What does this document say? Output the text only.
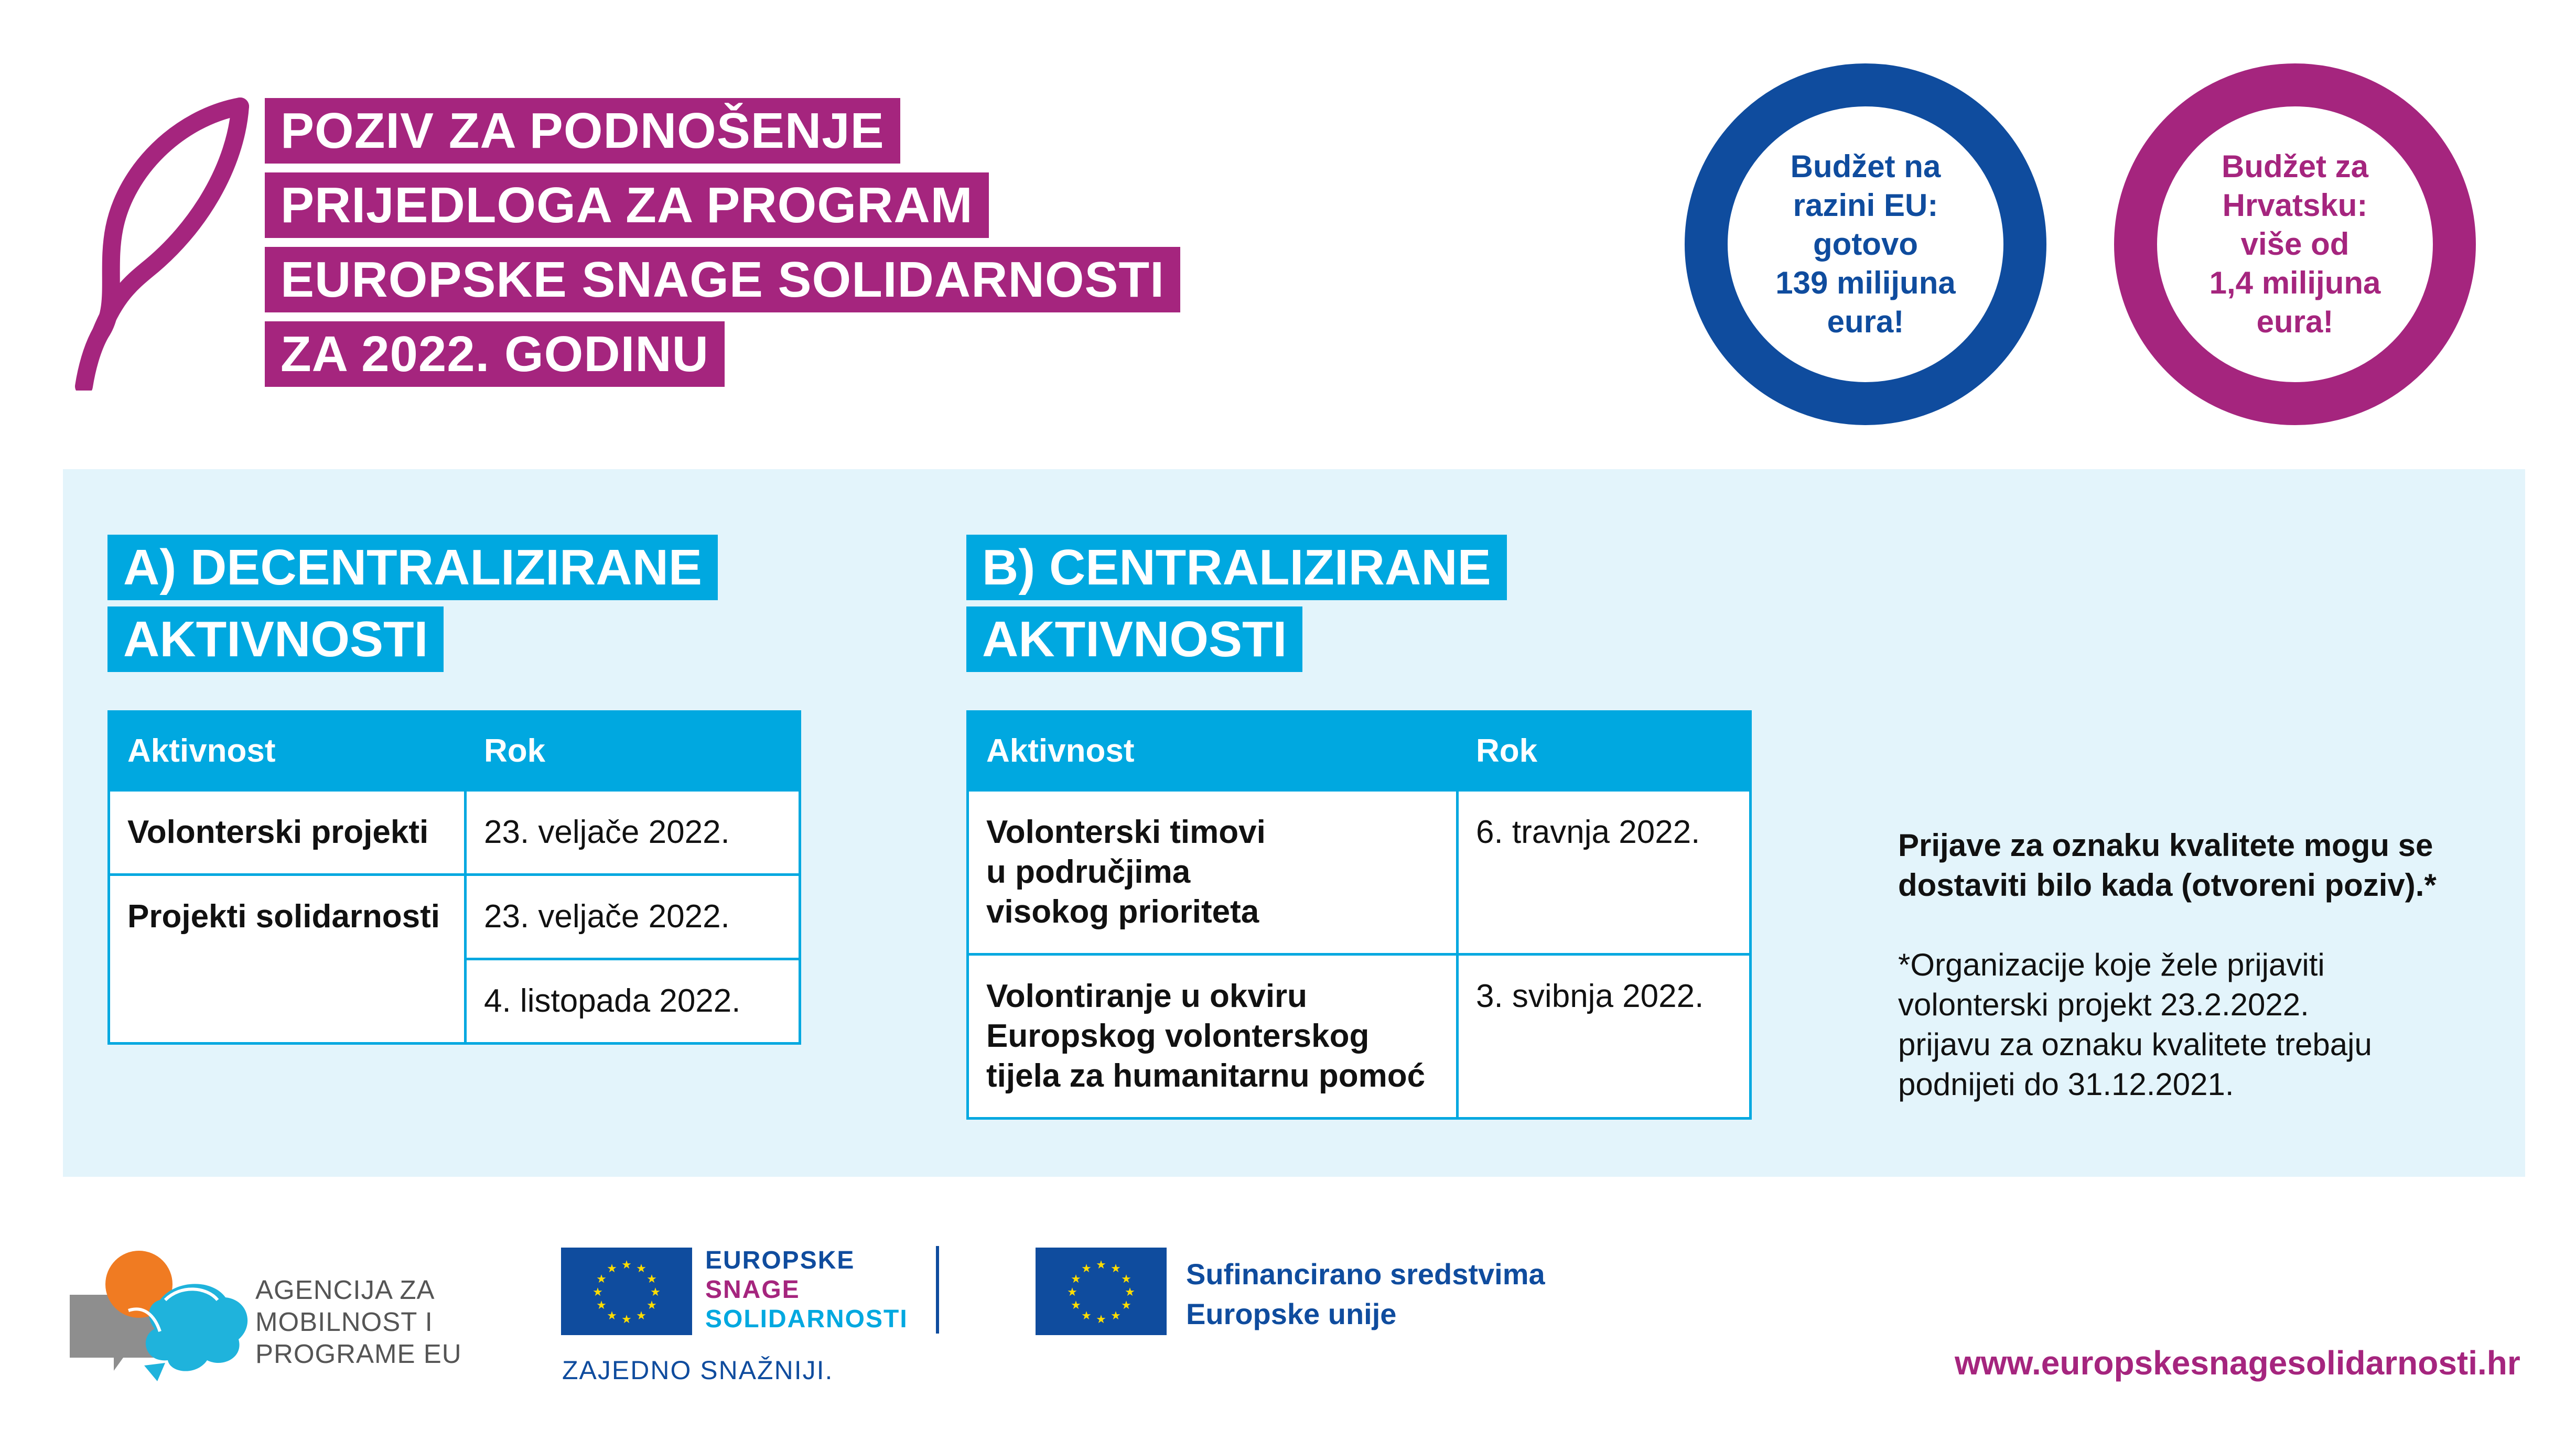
POZIV ZA PODNOŠENJE
PRIJEDLOGA ZA PROGRAM
EUROPSKE SNAGE SOLIDARNOSTI
ZA 2022. GODINU
Budžet na
razini EU:
gotovo
139 milijuna
eura!
Budžet za
Hrvatsku:
više od
1,4 milijuna
eura!
A) DECENTRALIZIRANE
AKTIVNOSTI
Aktivnost	Rok
Volonterski projekti	23. veljače 2022.
Projekti solidarnosti	23. veljače 2022.
	4. listopada 2022.
B) CENTRALIZIRANE
AKTIVNOSTI
Aktivnost	Rok
Volonterski timovi
u područjima
visokog prioriteta	6. travnja 2022.
Volontiranje u okviru
Europskog volonterskog
tijela za humanitarnu pomoć	3. svibnja 2022.

Prijave za oznaku kvalitete mogu se

dostaviti bilo kada (otvoreni poziv).*

*Organizacije koje žele prijaviti

volonterski projekt 23.2.2022.

prijavu za oznaku kvalitete trebaju

podnijeti do 31.12.2021.

AGENCIJA ZA
MOBILNOST I
PROGRAME EU
★ ★
★
★
★
★
★
★
★
★
★
★	EUROPSKE
SNAGE
SOLIDARNOSTI
ZAJEDNO SNAŽNIJI.
★ ★
★
★
★
★
★
★
★
★
★
★	Sufinancirano sredstvima
Europske unije
www.europskesnagesolidarnosti.hr
